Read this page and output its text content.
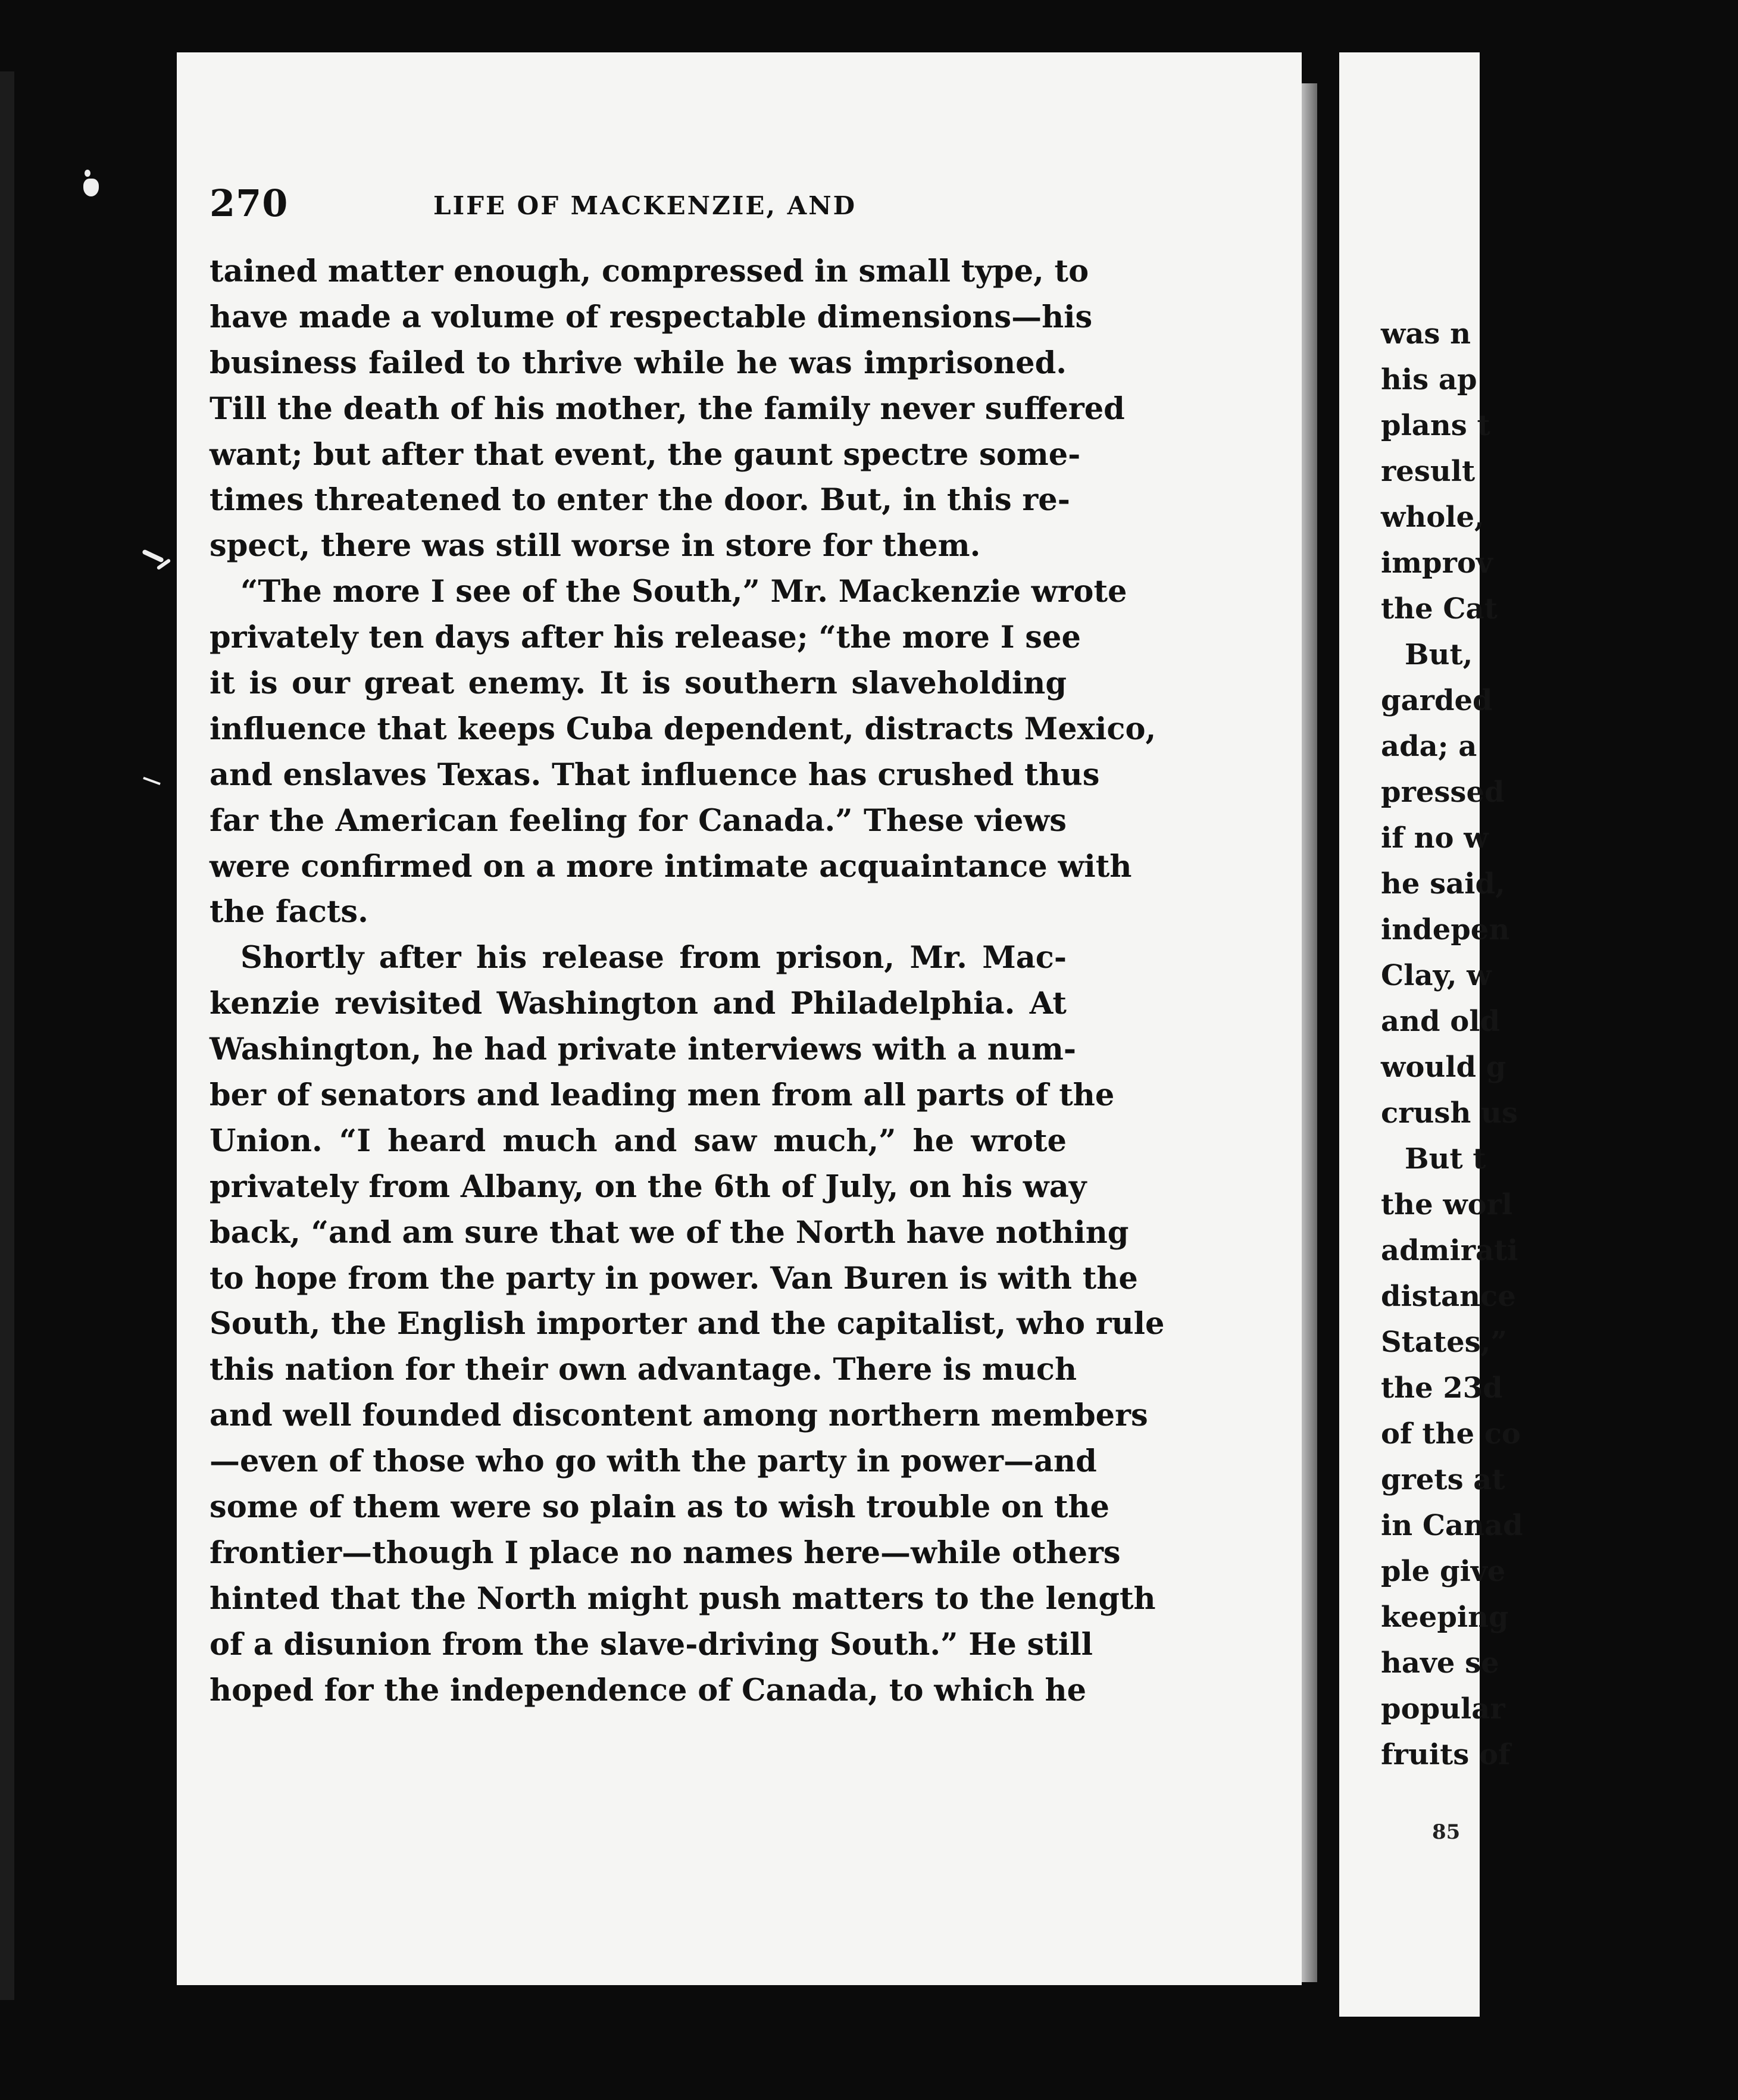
270	LIFE OF MACKENZIE, AND
tained matter enough, compressed in small type, to
have made a volume of respectable dimensions—his
business failed to thrive while he was imprisoned.
Till the death of his mother, the family never suffered
want; but after that event, the gaunt spectre some-
times threatened to enter the door. But, in this re-
spect, there was still worse in store for them.
“The more I see of the South,” Mr. Mackenzie wrote
privately ten days after his release; “the more I see
it is our great enemy. It is southern slaveholding
influence that keeps Cuba dependent, distracts Mexico,
and enslaves Texas. That influence has crushed thus
far the American feeling for Canada.” These views
were confirmed on a more intimate acquaintance with
the facts.
Shortly after his release from prison, Mr. Mac-
kenzie revisited Washington and Philadelphia. At
Washington, he had private interviews with a num-
ber of senators and leading men from all parts of the
Union. “I heard much and saw much,” he wrote
privately from Albany, on the 6th of July, on his way
back, “and am sure that we of the North have nothing
to hope from the party in power. Van Buren is with the
South, the English importer and the capitalist, who rule
this nation for their own advantage. There is much
and well founded discontent among northern members
—even of those who go with the party in power—and
some of them were so plain as to wish trouble on the
frontier—though I place no names here—while others
hinted that the North might push matters to the length
of a disunion from the slave-driving South.” He still
hoped for the independence of Canada, to which he
was n
his ap
plans t
result
whole,
improv
the Cat
But,
garded
ada; a
pressed
if no w
he said,
indepen
Clay, w
and old
would g
crush us
But t
the worl
admirati
distance
States,”
the 23d
of the co
grets at
in Canad
ple give
keeping
have se
popular
fruits of
85
